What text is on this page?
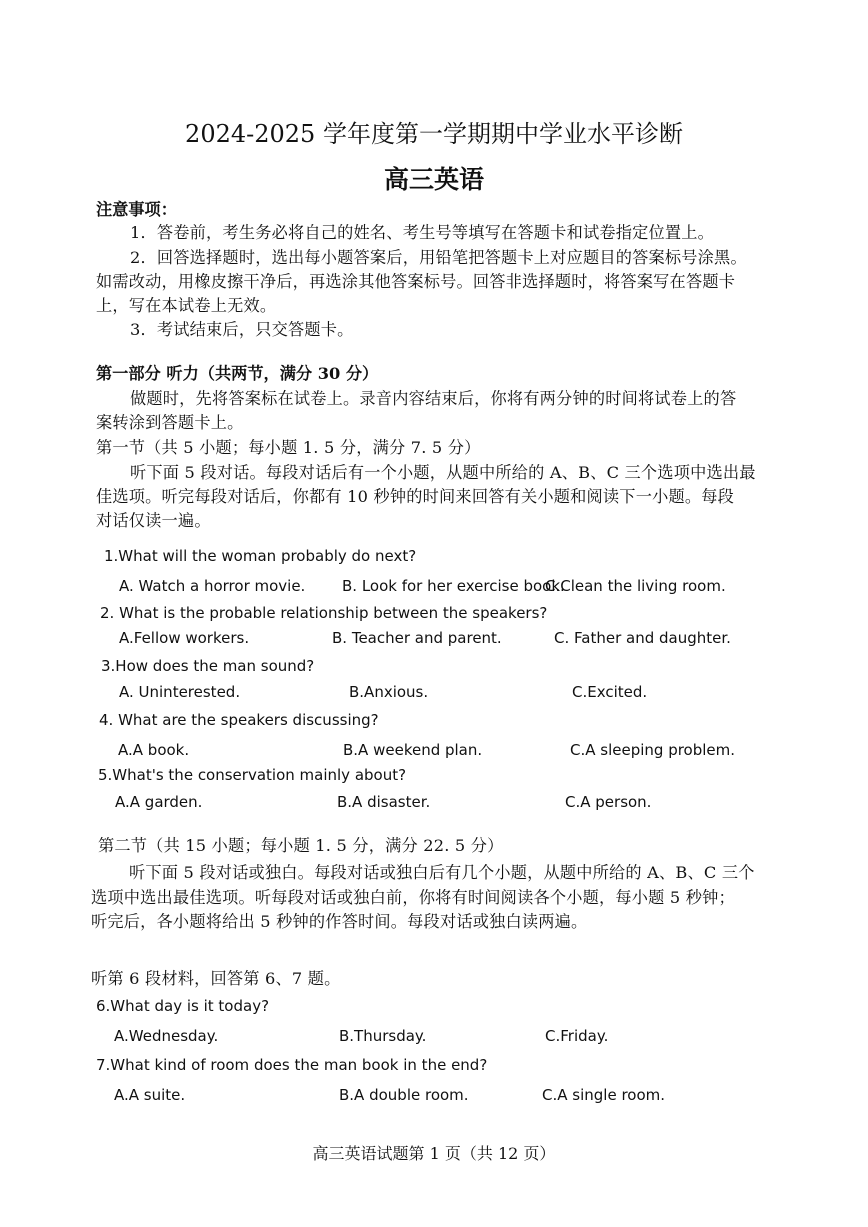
2024-2025 学年度第一学期期中学业水平诊断
高三英语
注意事项：
1．答卷前，考生务必将自己的姓名、考生号等填写在答题卡和试卷指定位置上。
2．回答选择题时，选出每小题答案后，用铅笔把答题卡上对应题目的答案标号涂黑。
如需改动，用橡皮擦干净后，再选涂其他答案标号。回答非选择题时，将答案写在答题卡
上，写在本试卷上无效。
3．考试结束后，只交答题卡。
第一部分 听力（共两节，满分 30 分）
做题时，先将答案标在试卷上。录音内容结束后，你将有两分钟的时间将试卷上的答
案转涂到答题卡上。
第一节（共 5 小题；每小题 1. 5 分，满分 7. 5 分）
听下面 5 段对话。每段对话后有一个小题，从题中所给的 A、B、C 三个选项中选出最
佳选项。听完每段对话后，你都有 10 秒钟的时间来回答有关小题和阅读下一小题。每段
对话仅读一遍。
1.What will the woman probably do next?
A. Watch a horror movie. B. Look for her exercise book.
C.Clean the living room.
2. What is the probable relationship between the speakers?
A.Fellow workers.	B. Teacher and parent.	C. Father and daughter.
3.How does the man sound?
A. Uninterested.	B.Anxious.	C.Excited.
4. What are the speakers discussing?
A.A book.	B.A weekend plan.	C.A sleeping problem.
5.What's the conservation mainly about?
A.A garden.	B.A disaster.	C.A person.
第二节（共 15 小题；每小题 1. 5 分，满分 22. 5 分）
听下面 5 段对话或独白。每段对话或独白后有几个小题，从题中所给的 A、B、C 三个
选项中选出最佳选项。听每段对话或独白前，你将有时间阅读各个小题，每小题 5 秒钟；
听完后，各小题将给出 5 秒钟的作答时间。每段对话或独白读两遍。
听第 6 段材料，回答第 6、7 题。
6.What day is it today?
A.Wednesday.	B.Thursday.	C.Friday.
7.What kind of room does the man book in the end?
A.A suite.	B.A double room.	C.A single room.
高三英语试题第 1 页（共 12 页）
